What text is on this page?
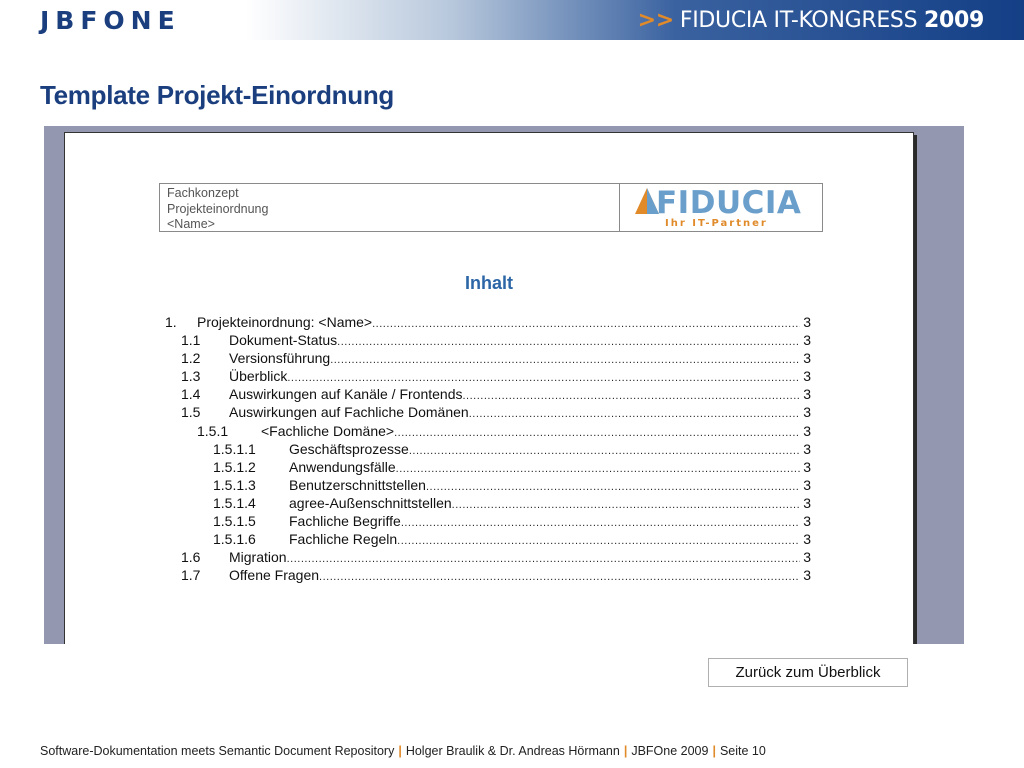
JBFONE	>> FIDUCIA IT-KONGRESS 2009
Template Projekt-Einordnung
Fachkonzept
Projekteinordnung
<Name>
FIDUCIA
Ihr IT-Partner
Inhalt
1.	Projekteinordnung: <Name> .....	3
1.1	Dokument-Status .....	3
1.2	Versionsführung .....	3
1.3	Überblick .....	3
1.4	Auswirkungen auf Kanäle / Frontends .....	3
1.5	Auswirkungen auf Fachliche Domänen .....	3
1.5.1	<Fachliche Domäne> .....	3
1.5.1.1	Geschäftsprozesse .....	3
1.5.1.2	Anwendungsfälle .....	3
1.5.1.3	Benutzerschnittstellen .....	3
1.5.1.4	agree-Außenschnittstellen .....	3
1.5.1.5	Fachliche Begriffe .....	3
1.5.1.6	Fachliche Regeln .....	3
1.6	Migration .....	3
1.7	Offene Fragen .....	3
Zurück zum Überblick
Software-Dokumentation meets Semantic Document Repository | Holger Braulik & Dr. Andreas Hörmann | JBFOne 2009 | Seite 10
